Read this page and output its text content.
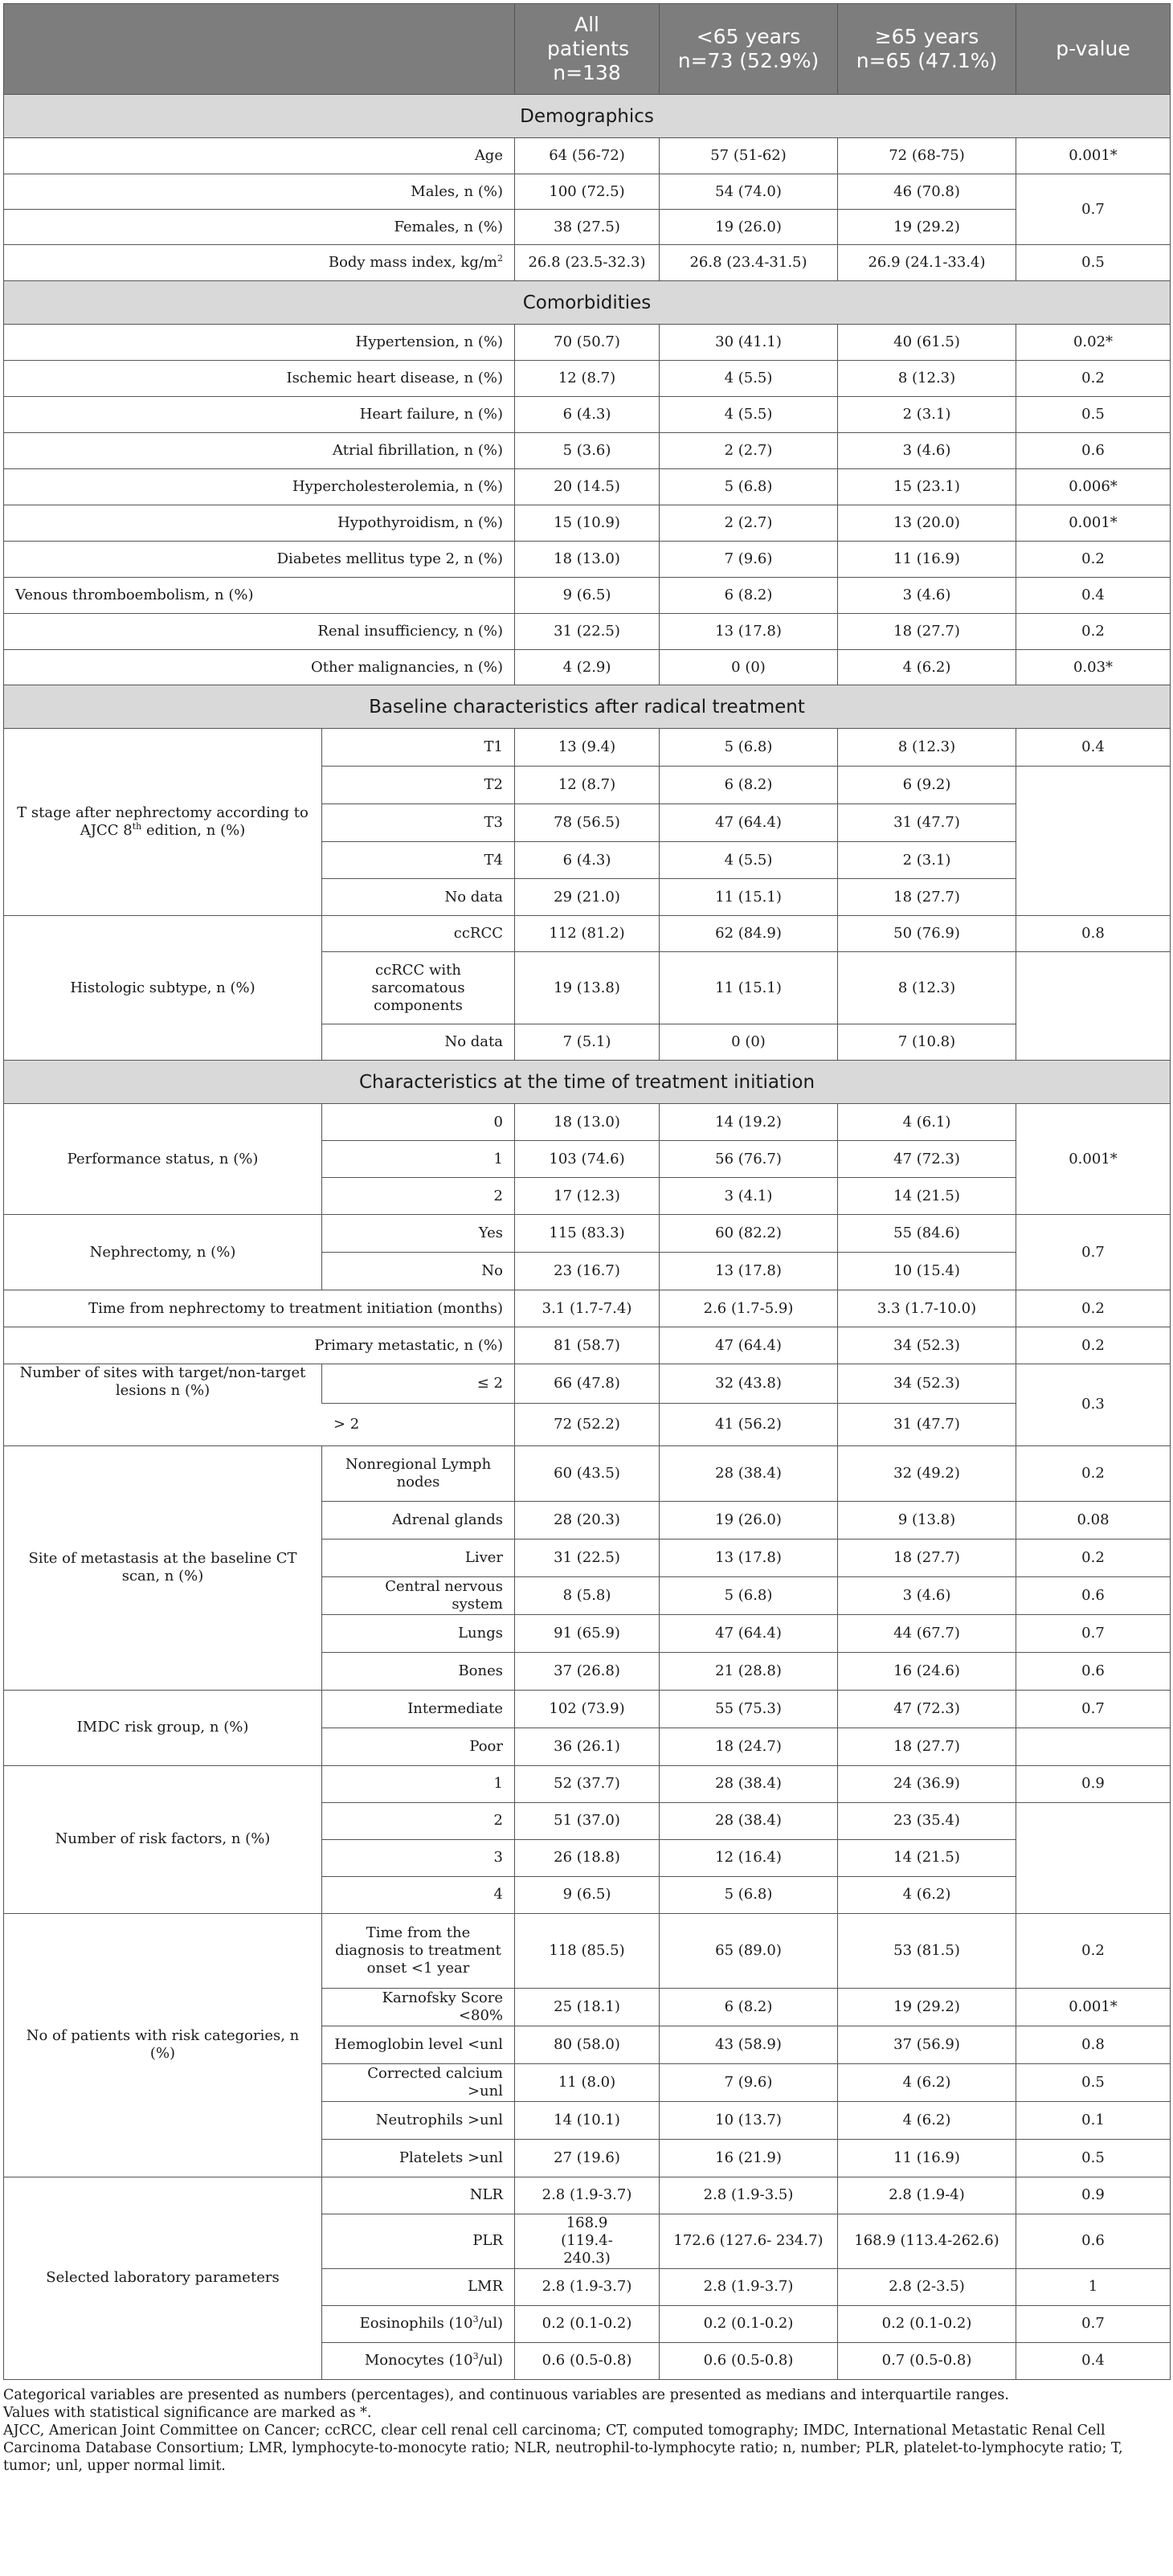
		All patients n=138	<65 years n=73 (52.9%)	≥65 years n=65 (47.1%)	p-value
Demographics					
Age		64 (56-72)	57 (51-62)	72 (68-75)	0.001*
Males, n (%)		100 (72.5)	54 (74.0)	46 (70.8)	0.7
Females, n (%)		38 (27.5)	19 (26.0)	19 (29.2)	
Body mass index, $kg/m^2$		26.8 (23.5-32.3)	26.8 (23.4-31.5)	26.9 (24.1-33.4)	0.5
Comorbidities					
Hypertension, n (%)		70 (50.7)	30 (41.1)	40 (61.5)	0.02*
Ischemic heart disease, n (%)		12 (8.7)	4 (5.5)	8 (12.3)	0.2
Heart failure, n (%)		6 (4.3)	4 (5.5)	2 (3.1)	0.5
Atrial fibrillation, n (%)		5 (3.6)	2 (2.7)	3 (4.6)	0.6
Hypercholesterolemia, n (%)		20 (14.5)	5 (6.8)	15 (23.1)	0.006*
Hypothyroidism, n (%)		15 (10.9)	2 (2.7)	13 (20.0)	0.001*
Diabetes mellitus type 2, n (%)		18 (13.0)	7 (9.6)	11 (16.9)	0.2
Venous thromboembolism, n (%)		9 (6.5)	6 (8.2)	3 (4.6)	0.4
Renal insufficiency, n (%)		31 (22.5)	13 (17.8)	18 (27.7)	0.2
Other malignancies, n (%)		4 (2.9)	0 (0)	4 (6.2)	0.03*
Baseline characteristics after radical treatment					
T stage after nephrectomy according to AJCC 8th edition, n (%)	T1	13 (9.4)	5 (6.8)	8 (12.3)	0.4
	T2	12 (8.7)	6 (8.2)	6 (9.2)	
	T3	78 (56.5)	47 (64.4)	31 (47.7)	
	T4	6 (4.3)	4 (5.5)	2 (3.1)	
	No data	29 (21.0)	11 (15.1)	18 (27.7)	
Histologic subtype, n (%)	ccRCC	112 (81.2)	62 (84.9)	50 (76.9)	0.8
	ccRCC with sarcomatous components	19 (13.8)	11 (15.1)	8 (12.3)	
	No data	7 (5.1)	0 (0)	7 (10.8)	
Characteristics at the time of treatment initiation					
Performance status, n (%)	0	18 (13.0)	14 (19.2)	4 (6.1)	0.001*
	1	103 (74.6)	56 (76.7)	47 (72.3)	
	2	17 (12.3)	3 (4.1)	14 (21.5)	
Nephrectomy, n (%)	Yes	115 (83.3)	60 (82.2)	55 (84.6)	0.7
	No	23 (16.7)	13 (17.8)	10 (15.4)	
Time from nephrectomy to treatment initiation (months)		3.1 (1.7-7.4)	2.6 (1.7-5.9)	3.3 (1.7-10.0)	0.2
Primary metastatic, n (%)		81 (58.7)	47 (64.4)	34 (52.3)	0.2
Number of sites with target/non-target lesions n (%)	≤ 2	66 (47.8)	32 (43.8)	34 (52.3)	0.3
> 2		72 (52.2)	41 (56.2)	31 (47.7)	
Site of metastasis at the baseline CT scan, n (%)	Nonregional Lymph nodes	60 (43.5)	28 (38.4)	32 (49.2)	0.2
	Adrenal glands	28 (20.3)	19 (26.0)	9 (13.8)	0.08
	Liver	31 (22.5)	13 (17.8)	18 (27.7)	0.2
	Central nervous system	8 (5.8)	5 (6.8)	3 (4.6)	0.6
	Lungs	91 (65.9)	47 (64.4)	44 (67.7)	0.7
	Bones	37 (26.8)	21 (28.8)	16 (24.6)	0.6
IMDC risk group, n (%)	Intermediate	102 (73.9)	55 (75.3)	47 (72.3)	0.7
	Poor	36 (26.1)	18 (24.7)	18 (27.7)	
Number of risk factors, n (%)	1	52 (37.7)	28 (38.4)	24 (36.9)	0.9
	2	51 (37.0)	28 (38.4)	23 (35.4)	
	3	26 (18.8)	12 (16.4)	14 (21.5)	
	4	9 (6.5)	5 (6.8)	4 (6.2)	
No of patients with risk categories, n (%)	Time from the diagnosis to treatment onset <1 year	118 (85.5)	65 (89.0)	53 (81.5)	0.2
	Karnofsky Score <80%	25 (18.1)	6 (8.2)	19 (29.2)	0.001*
	Hemoglobin level <unl	80 (58.0)	43 (58.9)	37 (56.9)	0.8
	Corrected calcium >unl	11 (8.0)	7 (9.6)	4 (6.2)	0.5
	Neutrophils >unl	14 (10.1)	10 (13.7)	4 (6.2)	0.1
	Platelets >unl	27 (19.6)	16 (21.9)	11 (16.9)	0.5
Selected laboratory parameters	NLR	2.8 (1.9-3.7)	2.8 (1.9-3.5)	2.8 (1.9-4)	0.9
	PLR	168.9 (119.4- 240.3)	172.6 (127.6- 234.7)	168.9 (113.4-262.6)	0.6
	LMR	2.8 (1.9-3.7)	2.8 (1.9-3.7)	2.8 (2-3.5)	1
	Eosinophils $(10^3/ul)$	0.2 (0.1-0.2)	0.2 (0.1-0.2)	0.2 (0.1-0.2)	0.7
	Monocytes $(10^3/ul)$	0.6 (0.5-0.8)	0.6 (0.5-0.8)	0.7 (0.5-0.8)	0.4
Categorical variables are presented as numbers (percentages), and continuous variables are presented as medians and interquartile ranges.
Values with statistical significance are marked as *.
AJCC, American Joint Committee on Cancer; ccRCC, clear cell renal cell carcinoma; CT, computed tomography; IMDC, International Metastatic Renal Cell Carcinoma Database Consortium; LMR, lymphocyte-to-monocyte ratio; NLR, neutrophil-to-lymphocyte ratio; n, number; PLR, platelet-to-lymphocyte ratio; T, tumor; unl, upper normal limit.
